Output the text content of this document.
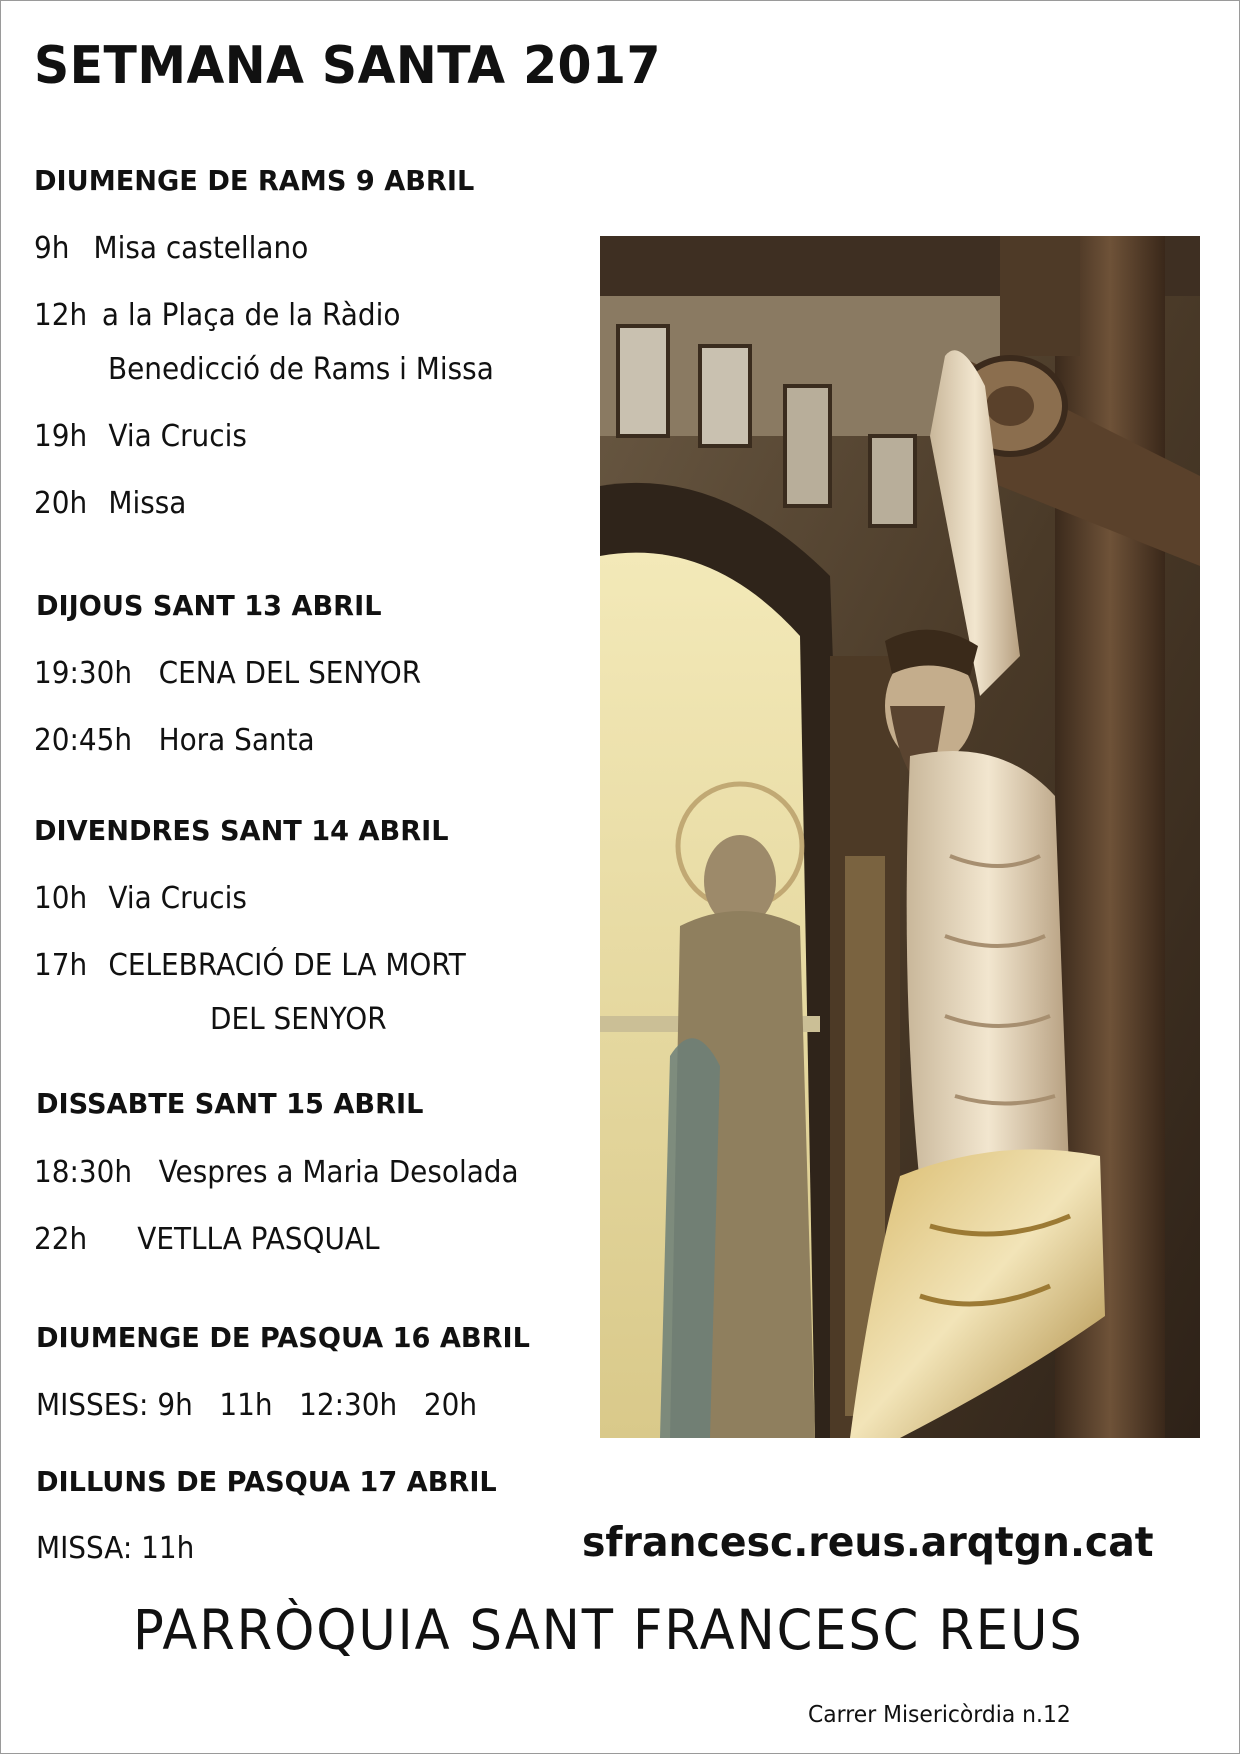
SETMANA SANTA 2017
DIUMENGE DE RAMS 9 ABRIL
9h Misa castellano
12h a la Plaça de la Ràdio
Benedicció de Rams i Missa
19h Via Crucis
20h Missa
DIJOUS SANT 13 ABRIL
19:30h CENA DEL SENYOR
20:45h Hora Santa
DIVENDRES SANT 14 ABRIL
10h Via Crucis
17h CELEBRACIÓ DE LA MORT
DEL SENYOR
DISSABTE SANT 15 ABRIL
18:30h Vespres a Maria Desolada
22h VETLLA PASQUAL
DIUMENGE DE PASQUA 16 ABRIL
MISSES: 9h   11h   12:30h   20h
DILLUNS DE PASQUA 17 ABRIL
MISSA: 11h	sfrancesc.reus.arqtgn.cat
PARRÒQUIA SANT FRANCESC REUS
Carrer Misericòrdia n.12
